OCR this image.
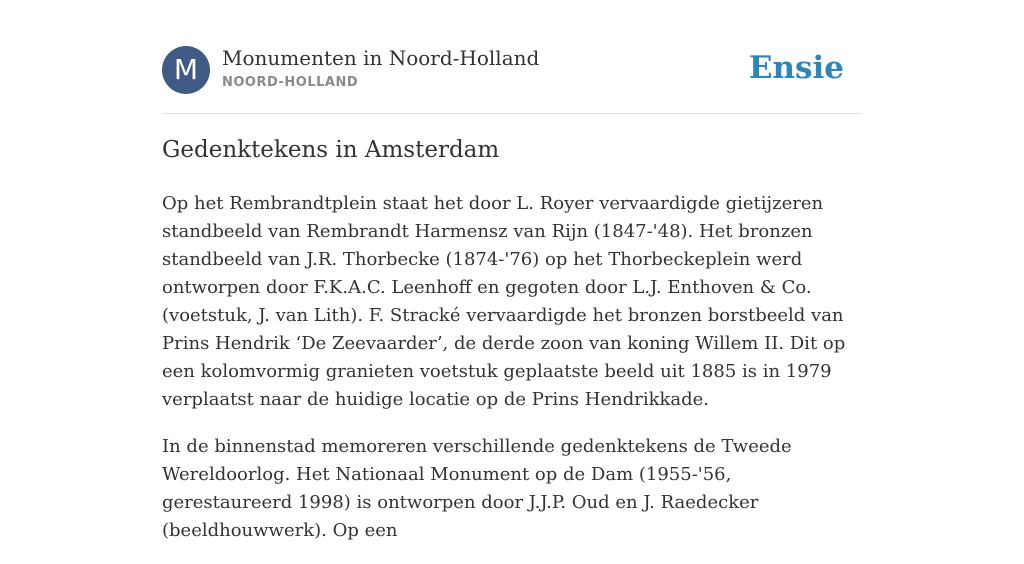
M	Monumenten in Noord-Holland
NOORD-HOLLAND	Ensie
Gedenktekens in Amsterdam

Op het Rembrandtplein staat het door L. Royer vervaardigde gietijzeren standbeeld van Rembrandt Harmensz van Rijn (1847-'48). Het bronzen standbeeld van J.R. Thorbecke (1874-'76) op het Thorbeckeplein werd ontworpen door F.K.A.C. Leenhoff en gegoten door L.J. Enthoven & Co. (voetstuk, J. van Lith). F. Stracké vervaardigde het bronzen borstbeeld van Prins Hendrik ‘De Zeevaarder’, de derde zoon van koning Willem II. Dit op een kolomvormig granieten voetstuk geplaatste beeld uit 1885 is in 1979 verplaatst naar de huidige locatie op de Prins Hendrikkade.

In de binnenstad memoreren verschillende gedenktekens de Tweede Wereldoorlog. Het Nationaal Monument op de Dam (1955-'56, gerestaureerd 1998) is ontworpen door J.J.P. Oud en J. Raedecker (beeldhouwwerk). Op een
